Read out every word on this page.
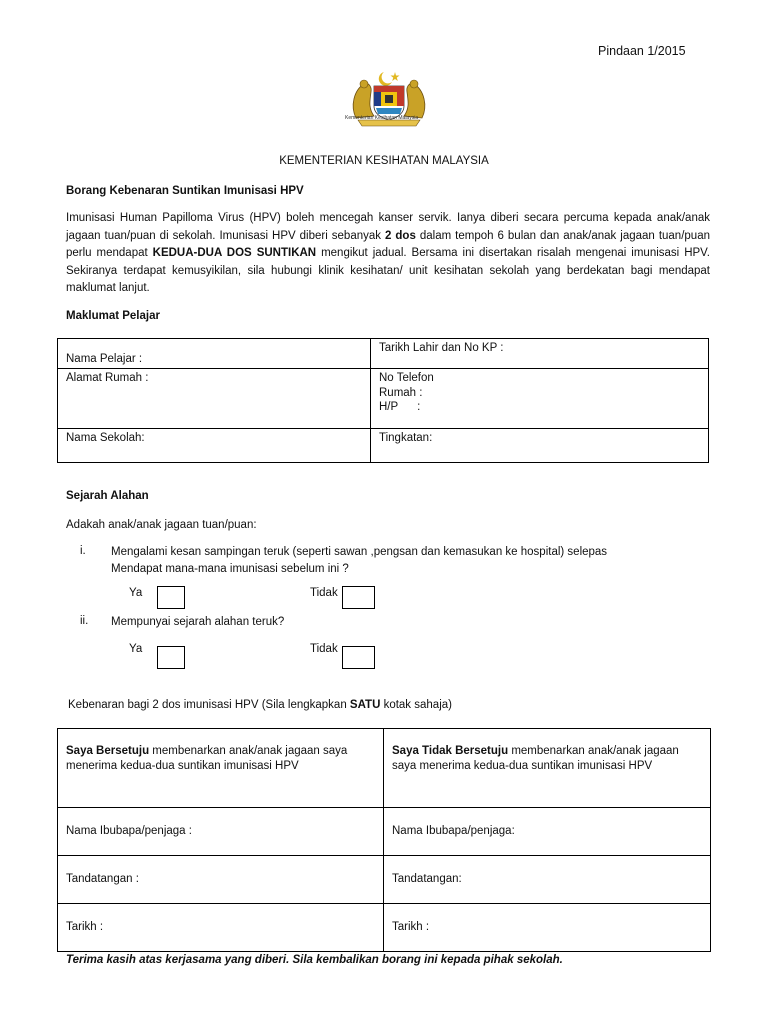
Pindaan 1/2015
Kementerian Kesihatan Malaysia
KEMENTERIAN KESIHATAN MALAYSIA
Borang Kebenaran Suntikan Imunisasi HPV
Imunisasi Human Papilloma Virus (HPV) boleh mencegah kanser servik. Ianya diberi secara percuma kepada anak/anak jagaan tuan/puan di sekolah. Imunisasi HPV diberi sebanyak 2 dos dalam tempoh 6 bulan dan anak/anak jagaan tuan/puan perlu mendapat KEDUA-DUA DOS SUNTIKAN mengikut jadual. Bersama ini disertakan risalah mengenai imunisasi HPV. Sekiranya terdapat kemusyikilan, sila hubungi klinik kesihatan/ unit kesihatan sekolah yang berdekatan bagi mendapat maklumat lanjut.
Maklumat Pelajar
Nama Pelajar :	Tarikh Lahir dan No KP :
Alamat Rumah :	No Telefon
Rumah :
H/P      :

Nama Sekolah:	Tingkatan:
Sejarah Alahan
Adakah anak/anak jagaan tuan/puan:
i. Mengalami kesan sampingan teruk (seperti sawan ,pengsan dan kemasukan ke hospital) selepas
Mendapat mana-mana imunisasi sebelum ini ?
Ya	Tidak
ii. Mempunyai sejarah alahan teruk?
Ya	Tidak
Kebenaran bagi 2 dos imunisasi HPV (Sila lengkapkan SATU kotak sahaja)
Saya Bersetuju membenarkan anak/anak jagaan saya menerima kedua-dua suntikan imunisasi HPV	Saya Tidak Bersetuju membenarkan anak/anak jagaan saya menerima kedua-dua suntikan imunisasi HPV
Nama Ibubapa/penjaga :	Nama Ibubapa/penjaga:
Tandatangan :	Tandatangan:
Tarikh :	Tarikh :
Terima kasih atas kerjasama yang diberi. Sila kembalikan borang ini kepada pihak sekolah.
